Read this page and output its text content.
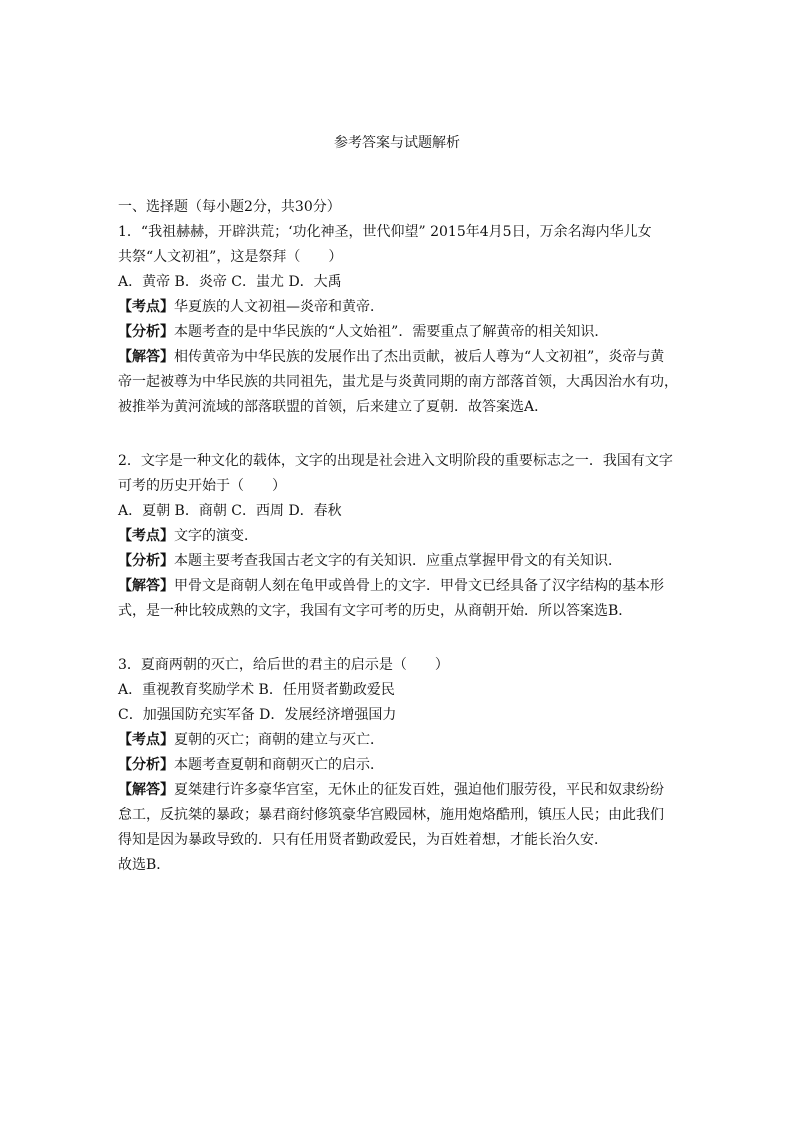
参考答案与试题解析

一、选择题（每小题2分，共30分）

1．“我祖赫赫，开辟洪荒；‘功化神圣，世代仰望” 2015年4月5日，万余名海内华儿女

共祭“人文初祖”，这是祭拜（　　）

A．黄帝 B．炎帝 C．蚩尤 D．大禹

【考点】华夏族的人文初祖—炎帝和黄帝．

【分析】本题考查的是中华民族的“人文始祖”．需要重点了解黄帝的相关知识．

【解答】相传黄帝为中华民族的发展作出了杰出贡献，被后人尊为“人文初祖”，炎帝与黄

帝一起被尊为中华民族的共同祖先，蚩尤是与炎黄同期的南方部落首领，大禹因治水有功，

被推举为黄河流域的部落联盟的首领，后来建立了夏朝．故答案选A．

2．文字是一种文化的载体，文字的出现是社会进入文明阶段的重要标志之一．我国有文字

可考的历史开始于（　　）

A．夏朝 B．商朝 C．西周 D．春秋

【考点】文字的演变．

【分析】本题主要考查我国古老文字的有关知识．应重点掌握甲骨文的有关知识．

【解答】甲骨文是商朝人刻在龟甲或兽骨上的文字．甲骨文已经具备了汉字结构的基本形

式，是一种比较成熟的文字，我国有文字可考的历史，从商朝开始．所以答案选B．

3．夏商两朝的灭亡，给后世的君主的启示是（　　）

A．重视教育奖励学术 B．任用贤者勤政爱民

C．加强国防充实军备 D．发展经济增强国力

【考点】夏朝的灭亡；商朝的建立与灭亡．

【分析】本题考查夏朝和商朝灭亡的启示．

【解答】夏桀建行许多豪华宫室，无休止的征发百姓，强迫他们服劳役，平民和奴隶纷纷

怠工，反抗桀的暴政；暴君商纣修筑豪华宫殿园林，施用炮烙酷刑，镇压人民；由此我们

得知是因为暴政导致的．只有任用贤者勤政爱民，为百姓着想，才能长治久安．

故选B．
